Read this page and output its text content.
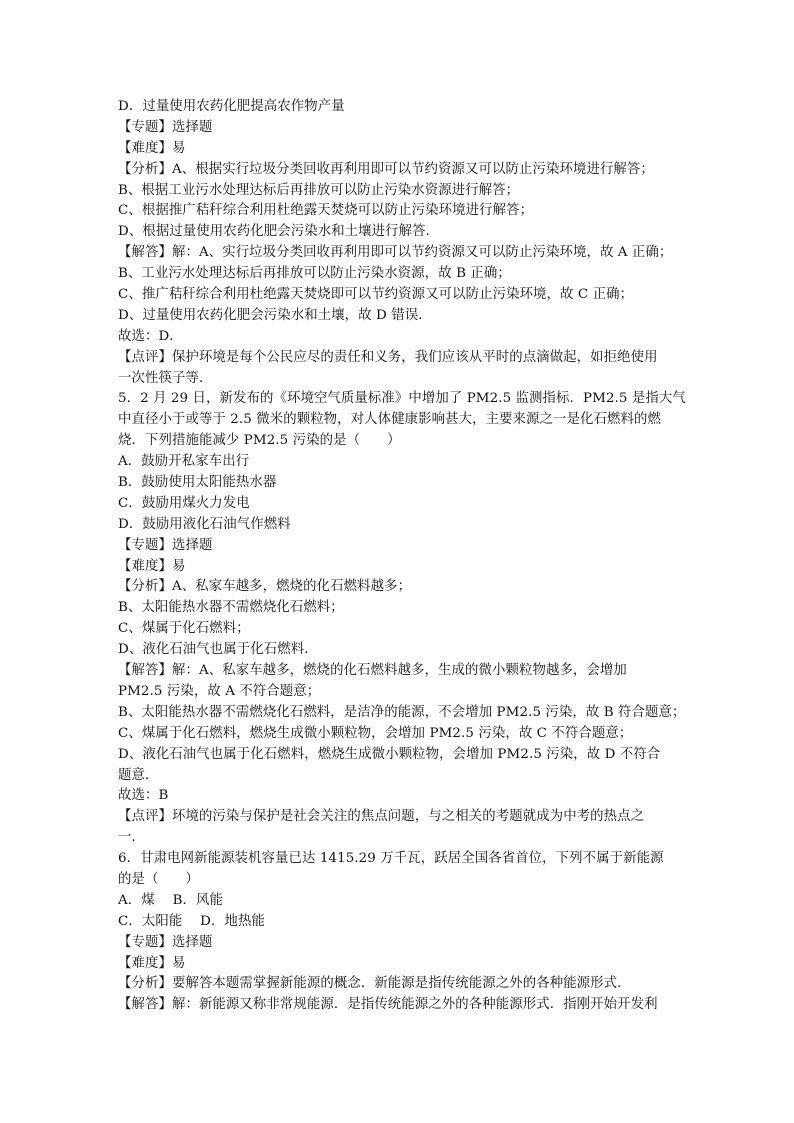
D．过量使用农药化肥提高农作物产量
【专题】选择题
【难度】易
【分析】A、根据实行垃圾分类回收再利用即可以节约资源又可以防止污染环境进行解答；
B、根据工业污水处理达标后再排放可以防止污染水资源进行解答；
C、根据推广秸秆综合利用杜绝露天焚烧可以防止污染环境进行解答；
D、根据过量使用农药化肥会污染水和土壤进行解答．
【解答】解：A、实行垃圾分类回收再利用即可以节约资源又可以防止污染环境，故 A 正确；
B、工业污水处理达标后再排放可以防止污染水资源，故 B 正确；
C、推广秸秆综合利用杜绝露天焚烧即可以节约资源又可以防止污染环境，故 C 正确；
D、过量使用农药化肥会污染水和土壤，故 D 错误．
故选：D．
【点评】保护环境是每个公民应尽的责任和义务，我们应该从平时的点滴做起，如拒绝使用
一次性筷子等．
5．2 月 29 日，新发布的《环境空气质量标准》中增加了 PM2.5 监测指标．PM2.5 是指大气
中直径小于或等于 2.5 微米的颗粒物，对人体健康影响甚大，主要来源之一是化石燃料的燃
烧．下列措施能减少 PM2.5 污染的是（　　）
A．鼓励开私家车出行
B．鼓励使用太阳能热水器
C．鼓励用煤火力发电
D．鼓励用液化石油气作燃料
【专题】选择题
【难度】易
【分析】A、私家车越多，燃烧的化石燃料越多；
B、太阳能热水器不需燃烧化石燃料；
C、煤属于化石燃料；
D、液化石油气也属于化石燃料．
【解答】解：A、私家车越多，燃烧的化石燃料越多，生成的微小颗粒物越多，会增加
PM2.5 污染，故 A 不符合题意；
B、太阳能热水器不需燃烧化石燃料，是洁净的能源，不会增加 PM2.5 污染，故 B 符合题意；
C、煤属于化石燃料，燃烧生成微小颗粒物，会增加 PM2.5 污染，故 C 不符合题意；
D、液化石油气也属于化石燃料，燃烧生成微小颗粒物，会增加 PM2.5 污染，故 D 不符合
题意．
故选：B
【点评】环境的污染与保护是社会关注的焦点问题，与之相关的考题就成为中考的热点之
一．
6．甘肃电网新能源装机容量已达 1415.29 万千瓦，跃居全国各省首位，下列不属于新能源
的是（　　）
A．煤　 B．风能
C．太阳能　 D．地热能
【专题】选择题
【难度】易
【分析】要解答本题需掌握新能源的概念．新能源是指传统能源之外的各种能源形式．
【解答】解：新能源又称非常规能源．是指传统能源之外的各种能源形式．指刚开始开发利
